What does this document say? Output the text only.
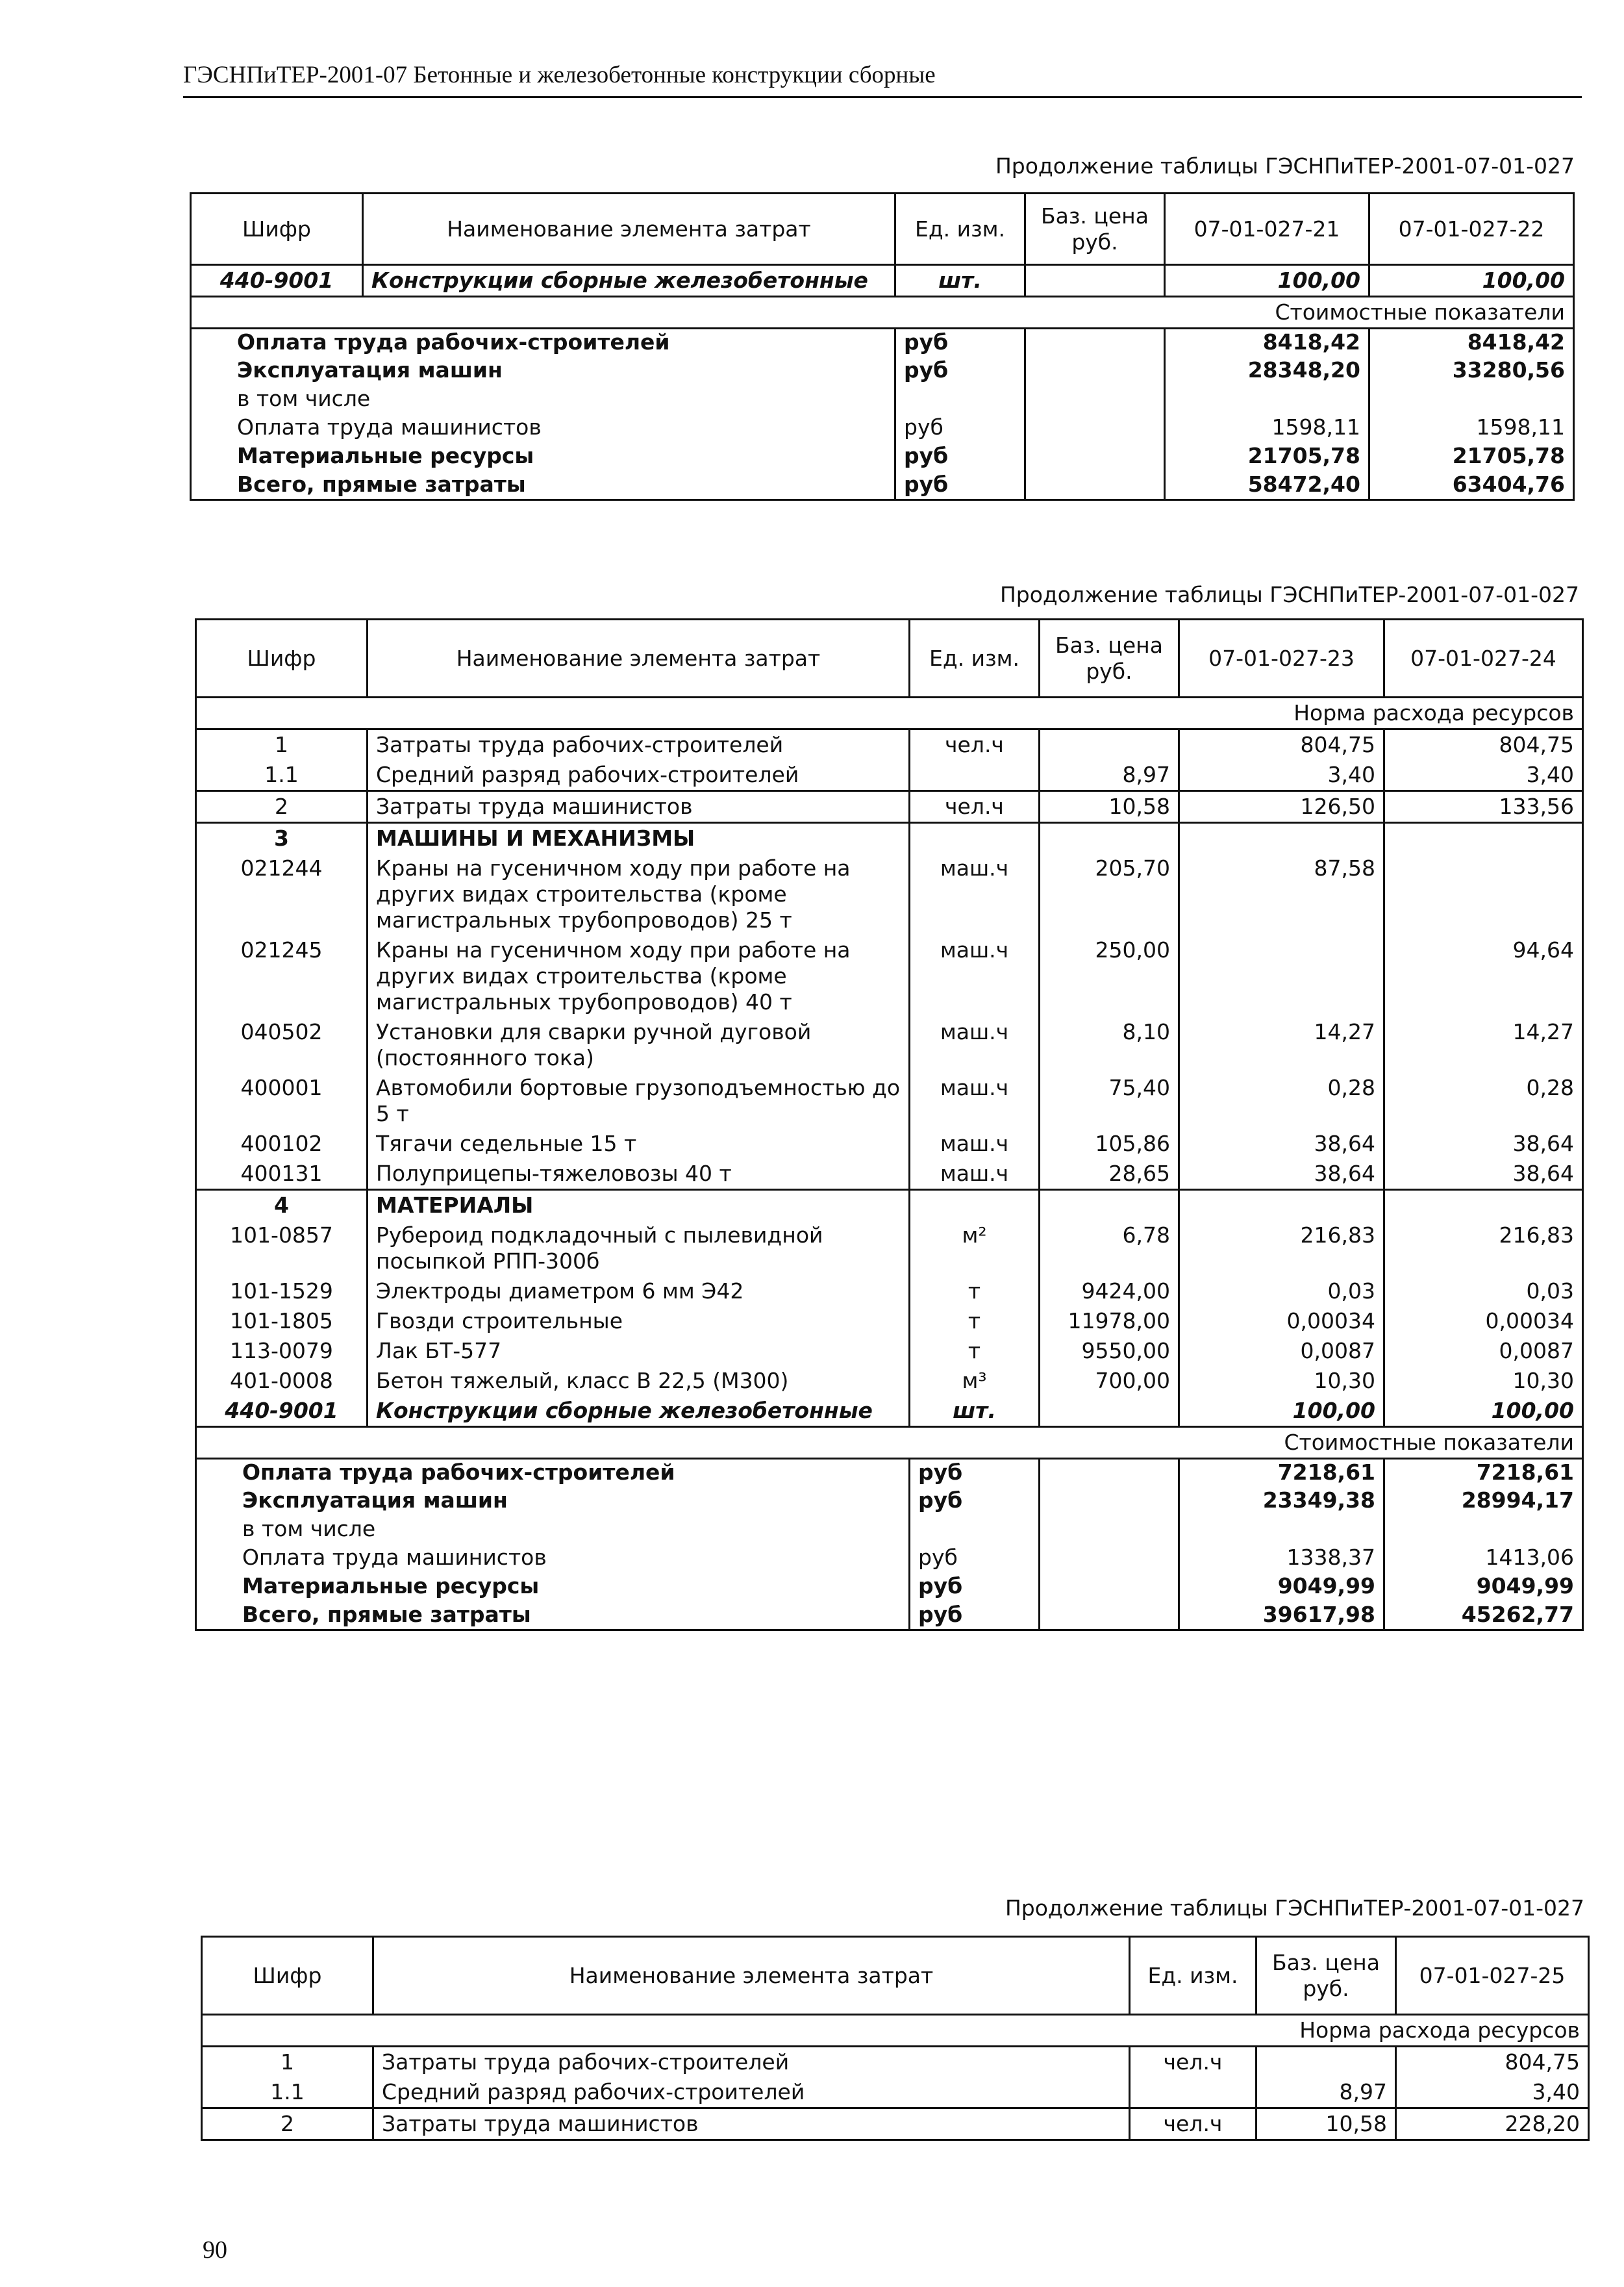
ГЭСНПиТЕР-2001-07 Бетонные и железобетонные конструкции сборные
Продолжение таблицы ГЭСНПиТЕР-2001-07-01-027
Шифр	Наименование элемента затрат	Ед. изм.	Баз. цена руб.	07-01-027-21	07-01-027-22
440-9001	Конструкции сборные железобетонные	шт.		100,00	100,00
Стоимостные показатели					
Оплата труда рабочих-строителей		руб		8418,42	8418,42
Эксплуатация машин		руб		28348,20	33280,56
в том числе					
Оплата труда машинистов		руб		1598,11	1598,11
Материальные ресурсы		руб		21705,78	21705,78
Всего, прямые затраты		руб		58472,40	63404,76
Продолжение таблицы ГЭСНПиТЕР-2001-07-01-027
Шифр	Наименование элемента затрат	Ед. изм.	Баз. цена руб.	07-01-027-23	07-01-027-24
Норма расхода ресурсов					
1	Затраты труда рабочих-строителей	чел.ч		804,75	804,75
1.1	Средний разряд рабочих-строителей		8,97	3,40	3,40
2	Затраты труда машинистов	чел.ч	10,58	126,50	133,56
3	МАШИНЫ И МЕХАНИЗМЫ				
021244	Краны на гусеничном ходу при работе на других видах строительства (кроме магистральных трубопроводов) 25 т	маш.ч	205,70	87,58	
021245	Краны на гусеничном ходу при работе на других видах строительства (кроме магистральных трубопроводов) 40 т	маш.ч	250,00		94,64
040502	Установки для сварки ручной дуговой (постоянного тока)	маш.ч	8,10	14,27	14,27
400001	Автомобили бортовые грузоподъемностью до 5 т	маш.ч	75,40	0,28	0,28
400102	Тягачи седельные 15 т	маш.ч	105,86	38,64	38,64
400131	Полуприцепы-тяжеловозы 40 т	маш.ч	28,65	38,64	38,64
4	МАТЕРИАЛЫ				
101-0857	Рубероид подкладочный с пылевидной посыпкой РПП-300б	м²	6,78	216,83	216,83
101-1529	Электроды диаметром 6 мм Э42	т	9424,00	0,03	0,03
101-1805	Гвозди строительные	т	11978,00	0,00034	0,00034
113-0079	Лак БТ-577	т	9550,00	0,0087	0,0087
401-0008	Бетон тяжелый, класс В 22,5 (М300)	м³	700,00	10,30	10,30
440-9001	Конструкции сборные железобетонные	шт.		100,00	100,00
Стоимостные показатели					
Оплата труда рабочих-строителей		руб		7218,61	7218,61
Эксплуатация машин		руб		23349,38	28994,17
в том числе					
Оплата труда машинистов		руб		1338,37	1413,06
Материальные ресурсы		руб		9049,99	9049,99
Всего, прямые затраты		руб		39617,98	45262,77
Продолжение таблицы ГЭСНПиТЕР-2001-07-01-027
Шифр	Наименование элемента затрат	Ед. изм.	Баз. цена руб.	07-01-027-25
Норма расхода ресурсов				
1	Затраты труда рабочих-строителей	чел.ч		804,75
1.1	Средний разряд рабочих-строителей		8,97	3,40
2	Затраты труда машинистов	чел.ч	10,58	228,20
90
